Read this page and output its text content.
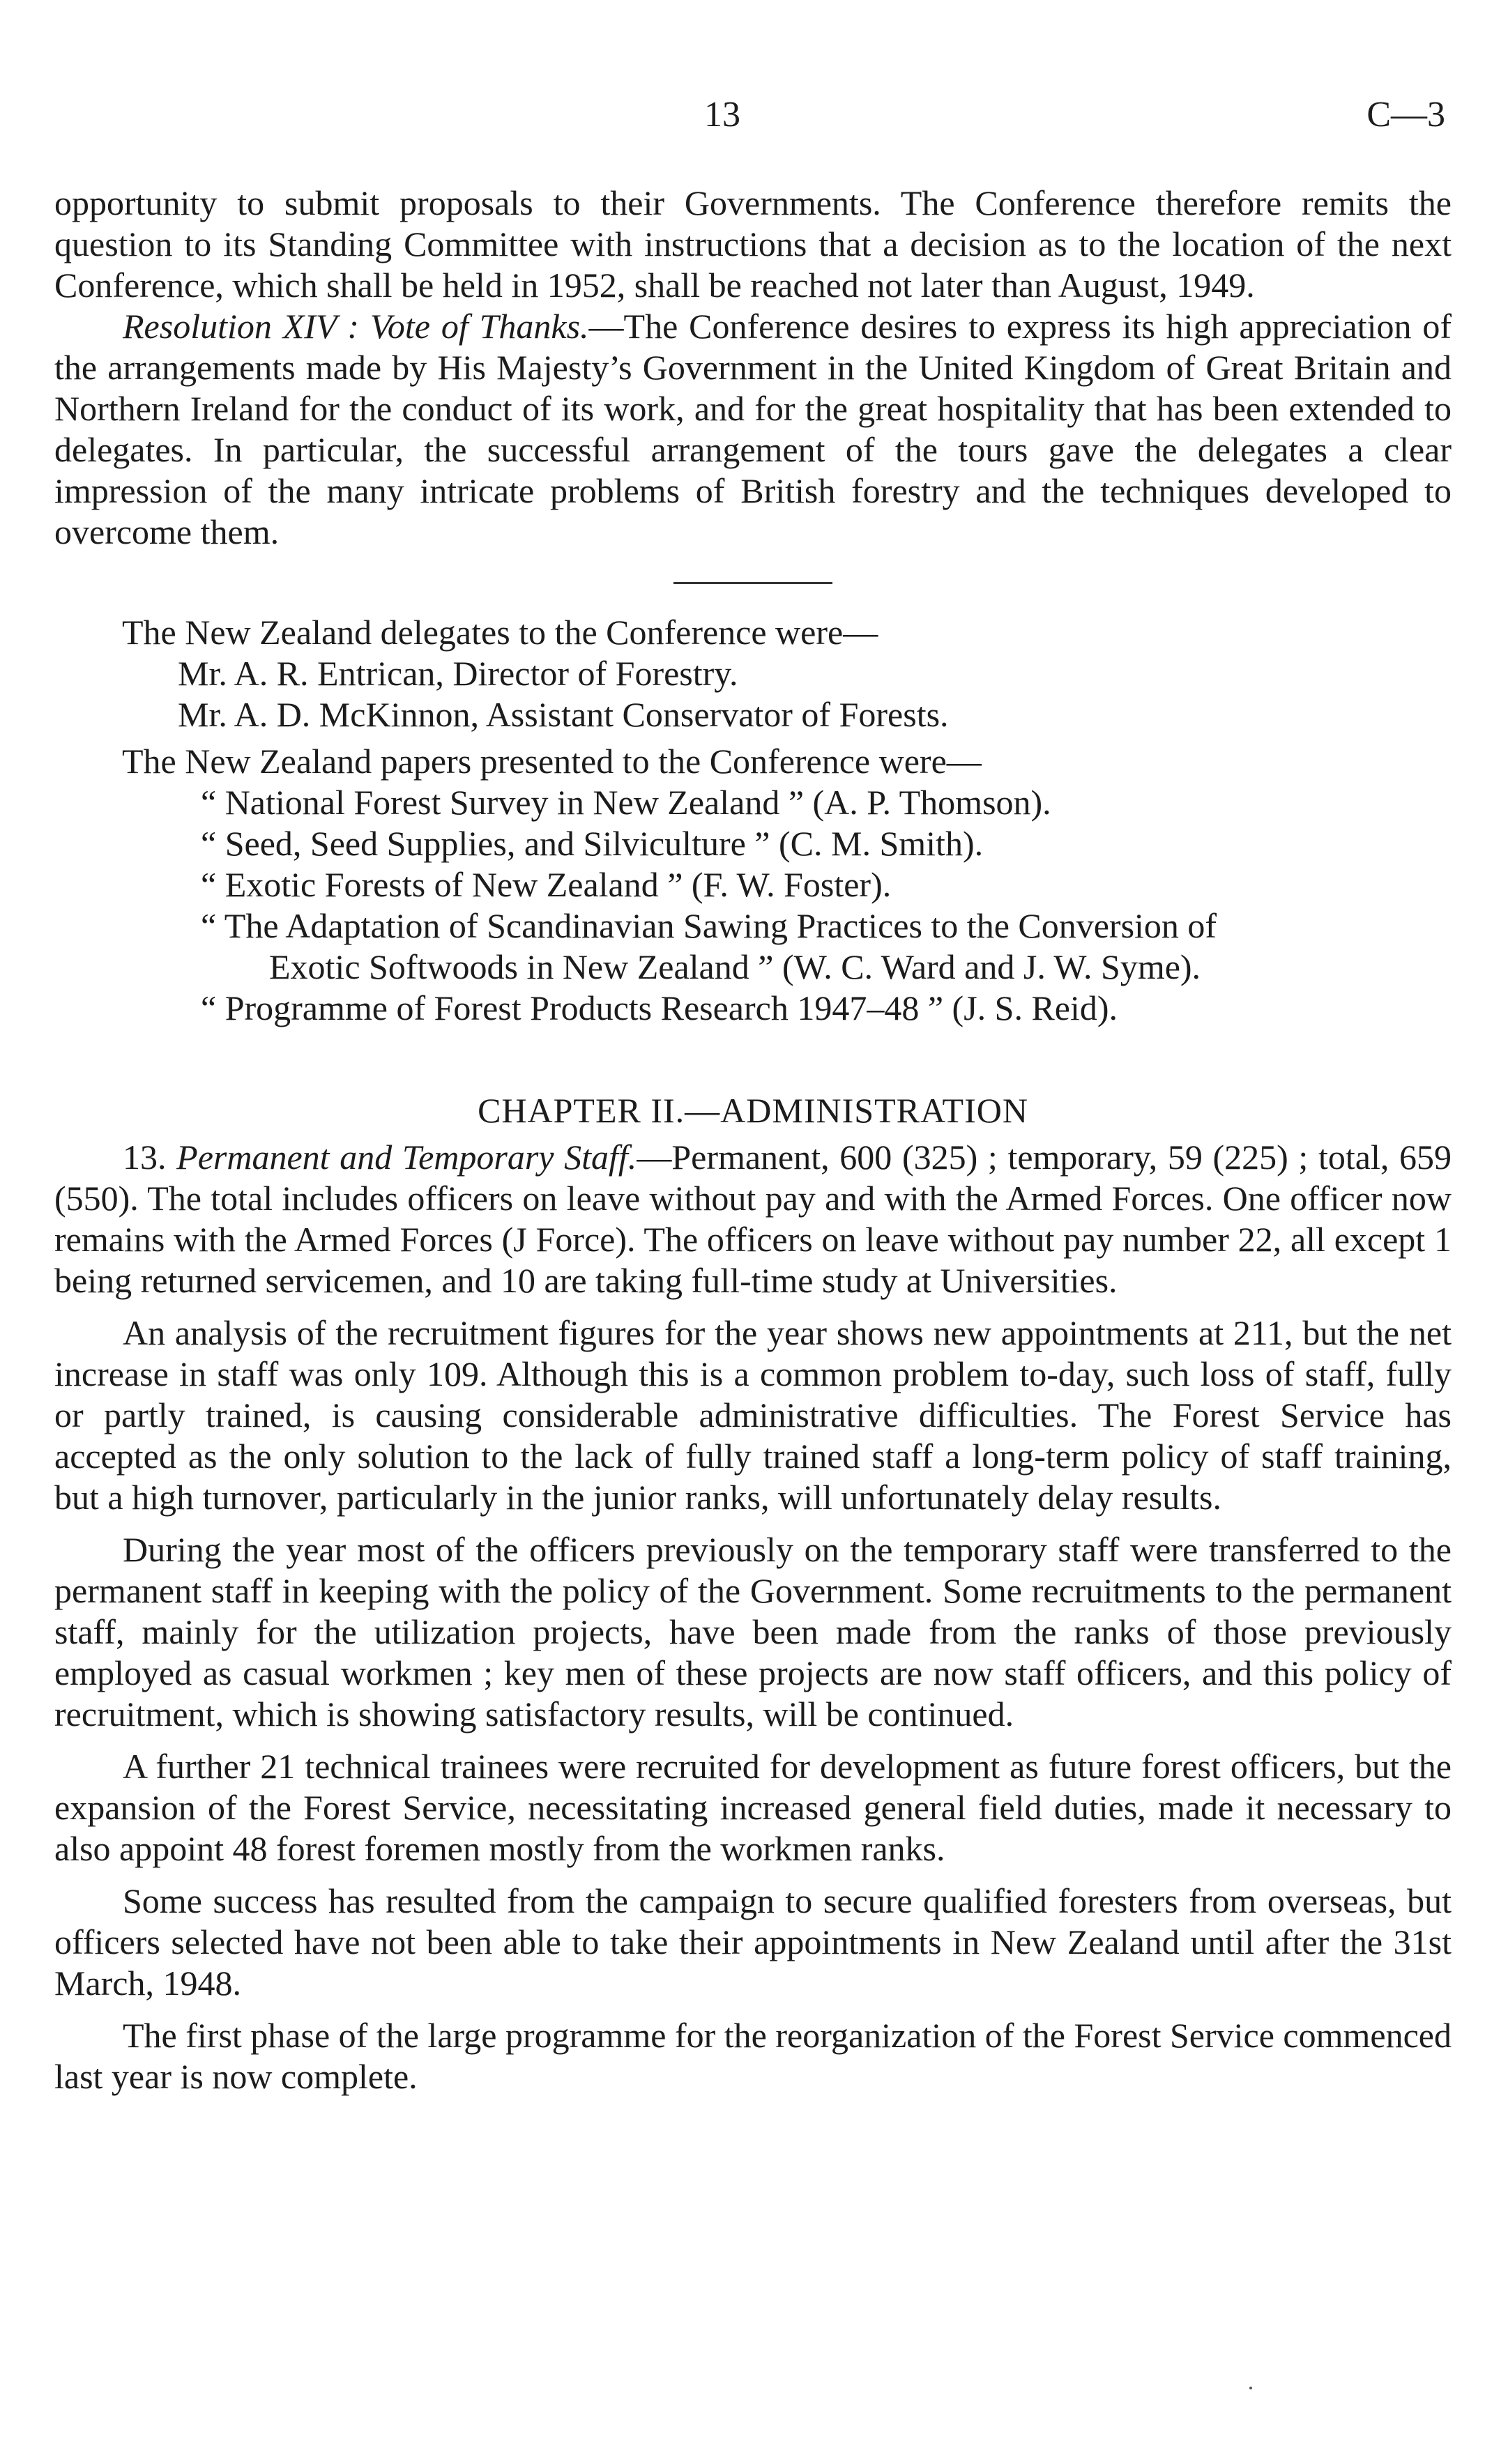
13	C—3

opportunity to submit proposals to their Governments. The Conference therefore remits the question to its Standing Committee with instructions that a decision as to the location of the next Conference, which shall be held in 1952, shall be reached not later than August, 1949.

Resolution XIV : Vote of Thanks.—The Conference desires to express its high appreciation of the arrangements made by His Majesty’s Government in the United Kingdom of Great Britain and Northern Ireland for the conduct of its work, and for the great hospitality that has been extended to delegates. In particular, the successful arrangement of the tours gave the delegates a clear impression of the many intricate problems of British forestry and the techniques developed to overcome them.

The New Zealand delegates to the Conference were—
Mr. A. R. Entrican, Director of Forestry.
Mr. A. D. McKinnon, Assistant Conservator of Forests.
The New Zealand papers presented to the Conference were—
“ National Forest Survey in New Zealand ” (A. P. Thomson).
“ Seed, Seed Supplies, and Silviculture ” (C. M. Smith).
“ Exotic Forests of New Zealand ” (F. W. Foster).
“ The Adaptation of Scandinavian Sawing Practices to the Conversion of
Exotic Softwoods in New Zealand ” (W. C. Ward and J. W. Syme).
“ Programme of Forest Products Research 1947–48 ” (J. S. Reid).
CHAPTER II.—ADMINISTRATION

13. Permanent and Temporary Staff.—Permanent, 600 (325) ; temporary, 59 (225) ; total, 659 (550). The total includes officers on leave without pay and with the Armed Forces. One officer now remains with the Armed Forces (J Force). The officers on leave without pay number 22, all except 1 being returned servicemen, and 10 are taking full-time study at Universities.

An analysis of the recruitment figures for the year shows new appointments at 211, but the net increase in staff was only 109. Although this is a common problem to-day, such loss of staff, fully or partly trained, is causing considerable administrative difficulties. The Forest Service has accepted as the only solution to the lack of fully trained staff a long-term policy of staff training, but a high turnover, particularly in the junior ranks, will unfortunately delay results.

During the year most of the officers previously on the temporary staff were transferred to the permanent staff in keeping with the policy of the Government. Some recruitments to the permanent staff, mainly for the utilization projects, have been made from the ranks of those previously employed as casual workmen ; key men of these projects are now staff officers, and this policy of recruitment, which is showing satisfactory results, will be continued.

A further 21 technical trainees were recruited for development as future forest officers, but the expansion of the Forest Service, necessitating increased general field duties, made it necessary to also appoint 48 forest foremen mostly from the workmen ranks.

Some success has resulted from the campaign to secure qualified foresters from overseas, but officers selected have not been able to take their appointments in New Zealand until after the 31st March, 1948.

The first phase of the large programme for the reorganization of the Forest Service commenced last year is now complete.
